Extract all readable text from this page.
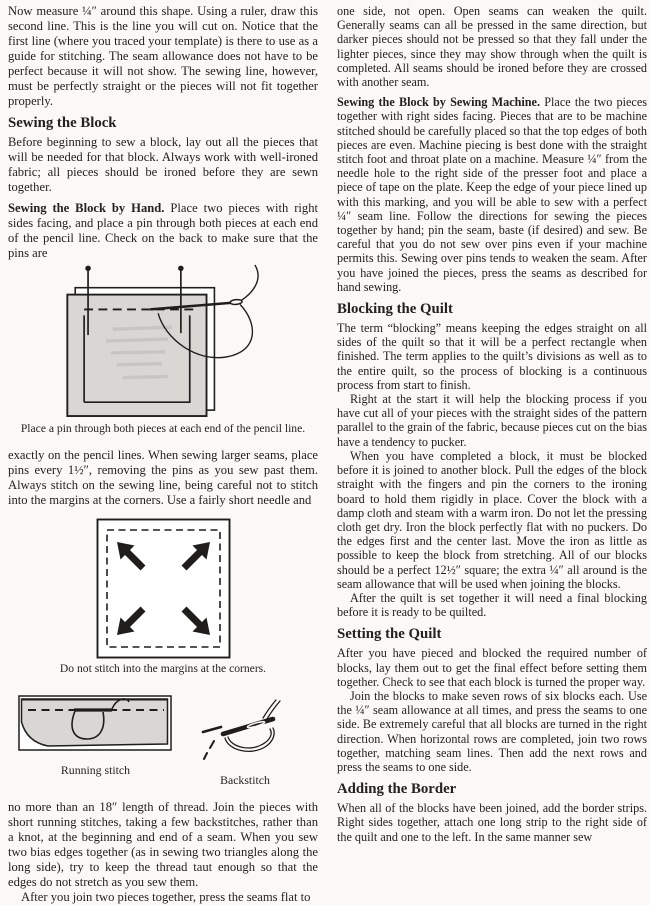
Now measure ¼″ around this shape. Using a ruler, draw this second line. This is the line you will cut on. Notice that the first line (where you traced your template) is there to use as a guide for stitching. The seam allowance does not have to be perfect because it will not show. The sewing line, however, must be perfectly straight or the pieces will not fit together properly.

Sewing the Block

Before beginning to sew a block, lay out all the pieces that will be needed for that block. Always work with well-ironed fabric; all pieces should be ironed before they are sewn together.

Sewing the Block by Hand. Place two pieces with right sides facing, and place a pin through both pieces at each end of the pencil line. Check on the back to make sure that the pins are

Place a pin through both pieces at each end of the pencil line.

exactly on the pencil lines. When sewing larger seams, place pins every 1½″, removing the pins as you sew past them. Always stitch on the sewing line, being careful not to stitch into the margins at the corners. Use a fairly short needle and

Do not stitch into the margins at the corners.
Running stitch
Backstitch

no more than an 18″ length of thread. Join the pieces with short running stitches, taking a few backstitches, rather than a knot, at the beginning and end of a seam. When you sew two bias edges together (as in sewing two triangles along the long side), try to keep the thread taut enough so that the edges do not stretch as you sew them.

After you join two pieces together, press the seams flat to

one side, not open. Open seams can weaken the quilt. Generally seams can all be pressed in the same direction, but darker pieces should not be pressed so that they fall under the lighter pieces, since they may show through when the quilt is completed. All seams should be ironed before they are crossed with another seam.

Sewing the Block by Sewing Machine. Place the two pieces together with right sides facing. Pieces that are to be machine stitched should be carefully placed so that the top edges of both pieces are even. Machine piecing is best done with the straight stitch foot and throat plate on a machine. Measure ¼″ from the needle hole to the right side of the presser foot and place a piece of tape on the plate. Keep the edge of your piece lined up with this marking, and you will be able to sew with a perfect ¼″ seam line. Follow the directions for sewing the pieces together by hand; pin the seam, baste (if desired) and sew. Be careful that you do not sew over pins even if your machine permits this. Sewing over pins tends to weaken the seam. After you have joined the pieces, press the seams as described for hand sewing.

Blocking the Quilt

The term “blocking” means keeping the edges straight on all sides of the quilt so that it will be a perfect rectangle when finished. The term applies to the quilt’s divisions as well as to the entire quilt, so the process of blocking is a continuous process from start to finish.

Right at the start it will help the blocking process if you have cut all of your pieces with the straight sides of the pattern parallel to the grain of the fabric, because pieces cut on the bias have a tendency to pucker.

When you have completed a block, it must be blocked before it is joined to another block. Pull the edges of the block straight with the fingers and pin the corners to the ironing board to hold them rigidly in place. Cover the block with a damp cloth and steam with a warm iron. Do not let the pressing cloth get dry. Iron the block perfectly flat with no puckers. Do the edges first and the center last. Move the iron as little as possible to keep the block from stretching. All of our blocks should be a perfect 12½″ square; the extra ¼″ all around is the seam allowance that will be used when joining the blocks.

After the quilt is set together it will need a final blocking before it is ready to be quilted.

Setting the Quilt

After you have pieced and blocked the required number of blocks, lay them out to get the final effect before setting them together. Check to see that each block is turned the proper way.

Join the blocks to make seven rows of six blocks each. Use the ¼″ seam allowance at all times, and press the seams to one side. Be extremely careful that all blocks are turned in the right direction. When horizontal rows are completed, join two rows together, matching seam lines. Then add the next rows and press the seams to one side.

Adding the Border

When all of the blocks have been joined, add the border strips. Right sides together, attach one long strip to the right side of the quilt and one to the left. In the same manner sew
